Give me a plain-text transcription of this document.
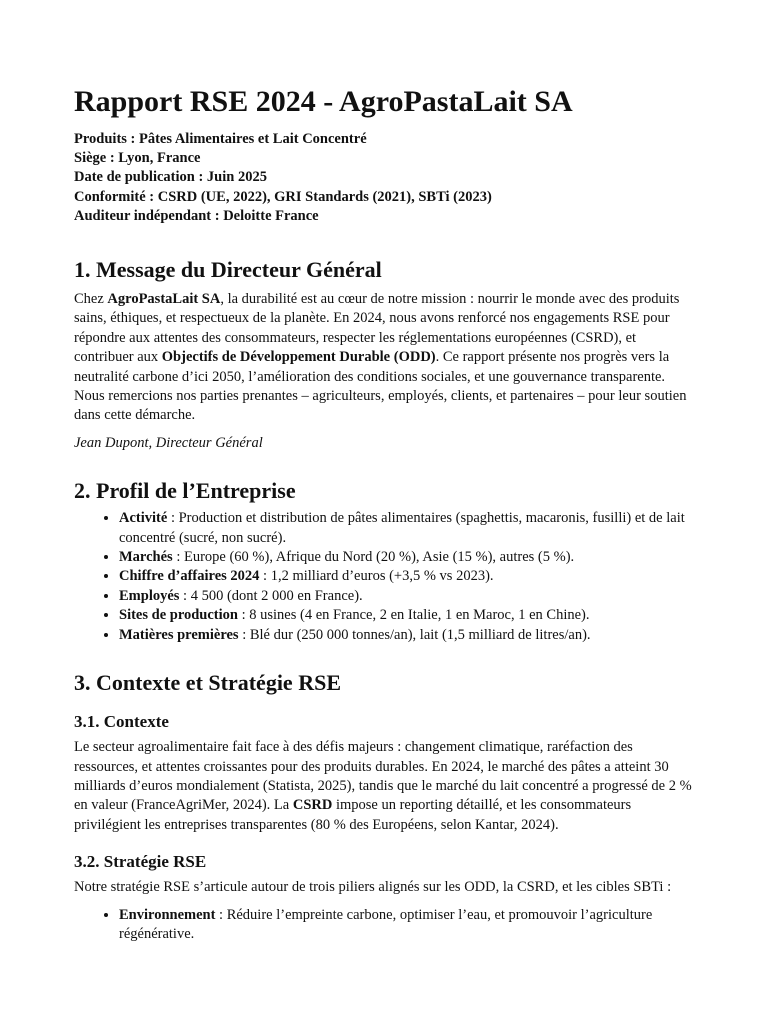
Rapport RSE 2024 - AgroPastaLait SA
Produits : Pâtes Alimentaires et Lait Concentré
Siège : Lyon, France
Date de publication : Juin 2025
Conformité : CSRD (UE, 2022), GRI Standards (2021), SBTi (2023)
Auditeur indépendant : Deloitte France
1. Message du Directeur Général

Chez AgroPastaLait SA, la durabilité est au cœur de notre mission : nourrir le monde avec des produits sains, éthiques, et respectueux de la planète. En 2024, nous avons renforcé nos engagements RSE pour répondre aux attentes des consommateurs, respecter les réglementations européennes (CSRD), et contribuer aux Objectifs de Développement Durable (ODD). Ce rapport présente nos progrès vers la neutralité carbone d’ici 2050, l’amélioration des conditions sociales, et une gouvernance transparente. Nous remercions nos parties prenantes – agriculteurs, employés, clients, et partenaires – pour leur soutien dans cette démarche.

Jean Dupont, Directeur Général

2. Profil de l’Entreprise
• Activité : Production et distribution de pâtes alimentaires (spaghettis, macaronis, fusilli) et de lait concentré (sucré, non sucré).
• Marchés : Europe (60 %), Afrique du Nord (20 %), Asie (15 %), autres (5 %).
• Chiffre d’affaires 2024 : 1,2 milliard d’euros (+3,5 % vs 2023).
• Employés : 4 500 (dont 2 000 en France).
• Sites de production : 8 usines (4 en France, 2 en Italie, 1 en Maroc, 1 en Chine).
• Matières premières : Blé dur (250 000 tonnes/an), lait (1,5 milliard de litres/an).
3. Contexte et Stratégie RSE
3.1. Contexte

Le secteur agroalimentaire fait face à des défis majeurs : changement climatique, raréfaction des ressources, et attentes croissantes pour des produits durables. En 2024, le marché des pâtes a atteint 30 milliards d’euros mondialement (Statista, 2025), tandis que le marché du lait concentré a progressé de 2 % en valeur (FranceAgriMer, 2024). La CSRD impose un reporting détaillé, et les consommateurs privilégient les entreprises transparentes (80 % des Européens, selon Kantar, 2024).

3.2. Stratégie RSE

Notre stratégie RSE s’articule autour de trois piliers alignés sur les ODD, la CSRD, et les cibles SBTi :

• Environnement : Réduire l’empreinte carbone, optimiser l’eau, et promouvoir l’agriculture régénérative.
